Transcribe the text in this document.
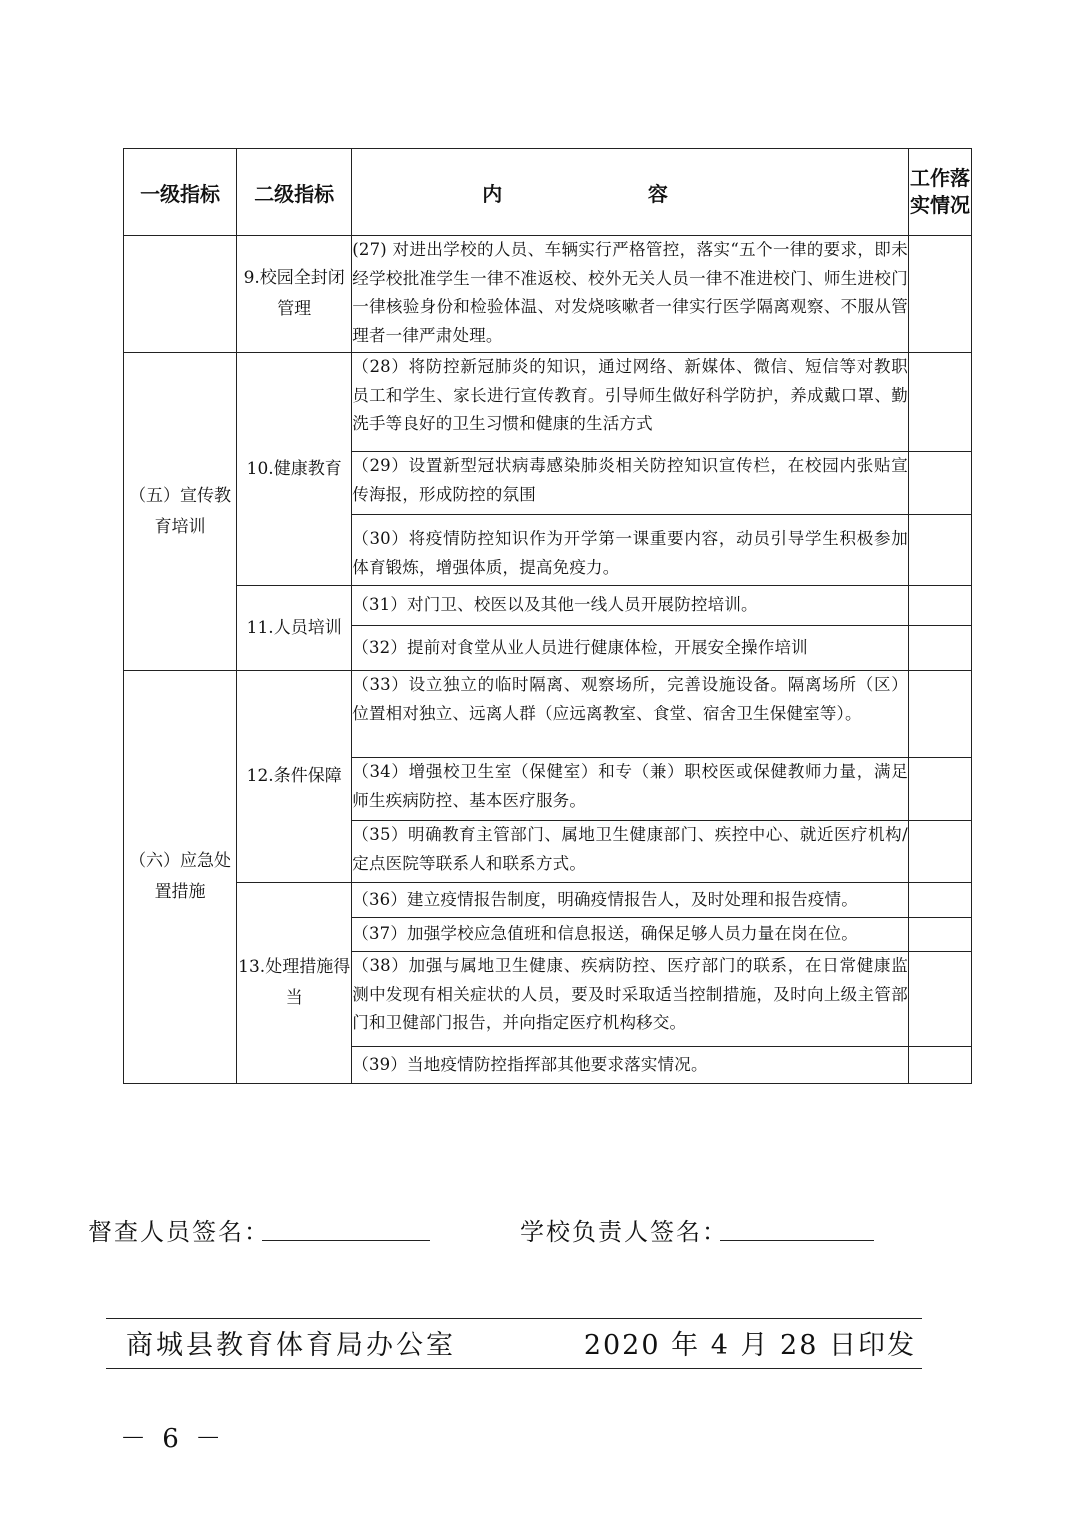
一级指标	二级指标	内 容	工作落实情况
	9.校园全封闭管理	(27) 对进出学校的人员、车辆实行严格管控，落实“五个一律的要求，即未经学校批准学生一律不准返校、校外无关人员一律不准进校门、师生进校门一律核验身份和检验体温、对发烧咳嗽者一律实行医学隔离观察、不服从管理者一律严肃处理。	
（五）宣传教育培训	10.健康教育	（28）将防控新冠肺炎的知识，通过网络、新媒体、微信、短信等对教职员工和学生、家长进行宣传教育。引导师生做好科学防护，养成戴口罩、勤洗手等良好的卫生习惯和健康的生活方式	
		（29）设置新型冠状病毒感染肺炎相关防控知识宣传栏，在校园内张贴宣传海报，形成防控的氛围	
		（30）将疫情防控知识作为开学第一课重要内容，动员引导学生积极参加体育锻炼，增强体质，提高免疫力。	
	11.人员培训	（31）对门卫、校医以及其他一线人员开展防控培训。	
		（32）提前对食堂从业人员进行健康体检，开展安全操作培训	
（六）应急处置措施	12.条件保障	（33）设立独立的临时隔离、观察场所，完善设施设备。隔离场所（区）位置相对独立、远离人群（应远离教室、食堂、宿舍卫生保健室等）。	
		（34）增强校卫生室（保健室）和专（兼）职校医或保健教师力量，满足师生疾病防控、基本医疗服务。	
		（35）明确教育主管部门、属地卫生健康部门、疾控中心、就近医疗机构/定点医院等联系人和联系方式。	
	13.处理措施得当	（36）建立疫情报告制度，明确疫情报告人，及时处理和报告疫情。	
		（37）加强学校应急值班和信息报送，确保足够人员力量在岗在位。	
		（38）加强与属地卫生健康、疾病防控、医疗部门的联系，在日常健康监测中发现有相关症状的人员，要及时采取适当控制措施，及时向上级主管部门和卫健部门报告，并向指定医疗机构移交。	
		（39）当地疫情防控指挥部其他要求落实情况。	
督查人员签名：	学校负责人签名：
商城县教育体育局办公室	2020 年 4 月 28 日印发
－ 6 －
